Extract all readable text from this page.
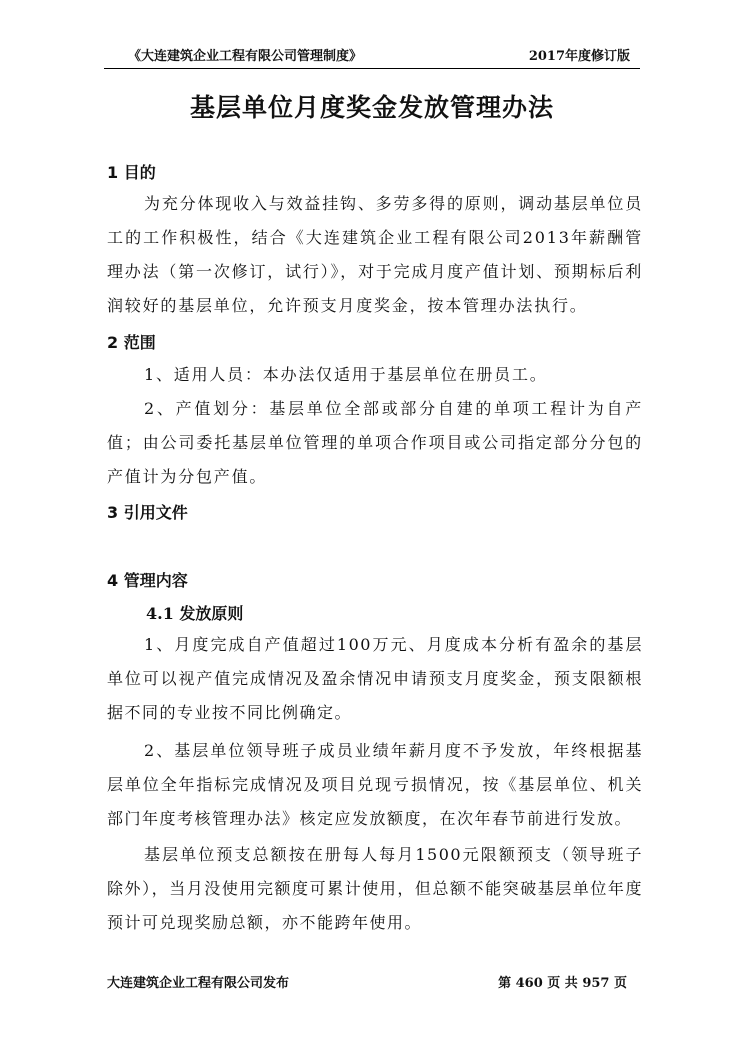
《大连建筑企业工程有限公司管理制度》	2017年度修订版
基层单位月度奖金发放管理办法
1 目的
为充分体现收入与效益挂钩、多劳多得的原则，调动基层单位员工的工作积极性，结合《大连建筑企业工程有限公司2013年薪酬管理办法（第一次修订，试行）》，对于完成月度产值计划、预期标后利润较好的基层单位，允许预支月度奖金，按本管理办法执行。
2 范围
1、适用人员：本办法仅适用于基层单位在册员工。
2、产值划分：基层单位全部或部分自建的单项工程计为自产值；由公司委托基层单位管理的单项合作项目或公司指定部分分包的产值计为分包产值。
3 引用文件
4 管理内容
4.1 发放原则
1、月度完成自产值超过100万元、月度成本分析有盈余的基层单位可以视产值完成情况及盈余情况申请预支月度奖金，预支限额根据不同的专业按不同比例确定。
2、基层单位领导班子成员业绩年薪月度不予发放，年终根据基层单位全年指标完成情况及项目兑现亏损情况，按《基层单位、机关部门年度考核管理办法》核定应发放额度，在次年春节前进行发放。
基层单位预支总额按在册每人每月1500元限额预支（领导班子除外），当月没使用完额度可累计使用，但总额不能突破基层单位年度预计可兑现奖励总额，亦不能跨年使用。
大连建筑企业工程有限公司发布	第 460 页 共 957 页
